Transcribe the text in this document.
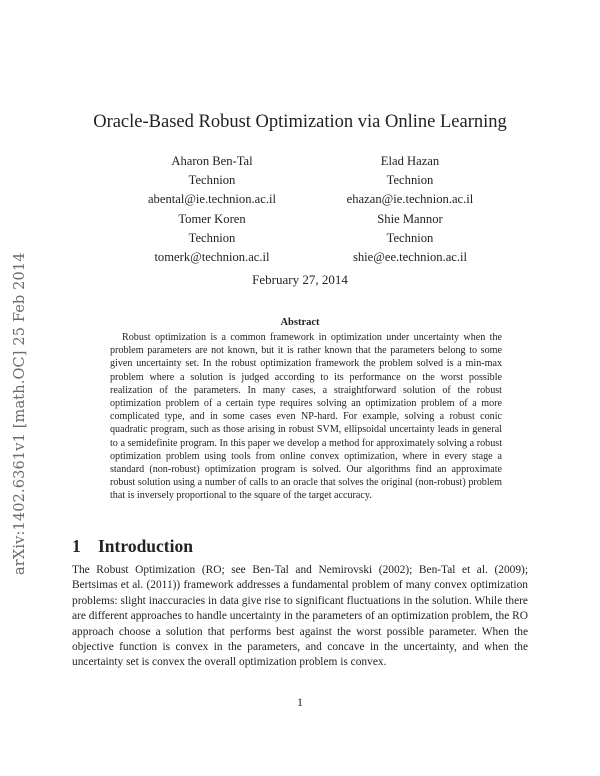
arXiv:1402.6361v1 [math.OC] 25 Feb 2014
Oracle-Based Robust Optimization via Online Learning
Aharon Ben-Tal
Technion
abental@ie.technion.ac.il
Elad Hazan
Technion
ehazan@ie.technion.ac.il
Tomer Koren
Technion
tomerk@technion.ac.il
Shie Mannor
Technion
shie@ee.technion.ac.il
February 27, 2014
Abstract
Robust optimization is a common framework in optimization under uncertainty when the problem parameters are not known, but it is rather known that the parameters belong to some given uncertainty set. In the robust optimization framework the problem solved is a min-max problem where a solution is judged according to its performance on the worst possible realization of the parameters. In many cases, a straightforward solution of the robust optimization problem of a certain type requires solving an optimization problem of a more complicated type, and in some cases even NP-hard. For example, solving a robust conic quadratic program, such as those arising in robust SVM, ellipsoidal uncertainty leads in general to a semidefinite program. In this paper we develop a method for approximately solving a robust optimization problem using tools from online convex optimization, where in every stage a standard (non-robust) optimization program is solved. Our algorithms find an approximate robust solution using a number of calls to an oracle that solves the original (non-robust) problem that is inversely proportional to the square of the target accuracy.
1 Introduction
The Robust Optimization (RO; see Ben-Tal and Nemirovski (2002); Ben-Tal et al. (2009); Bertsimas et al. (2011)) framework addresses a fundamental problem of many convex optimization problems: slight inaccuracies in data give rise to significant fluctuations in the solution. While there are different approaches to handle uncertainty in the parameters of an optimization problem, the RO approach choose a solution that performs best against the worst possible parameter. When the objective function is convex in the parameters, and concave in the uncertainty, and when the uncertainty set is convex the overall optimization problem is convex.
1
